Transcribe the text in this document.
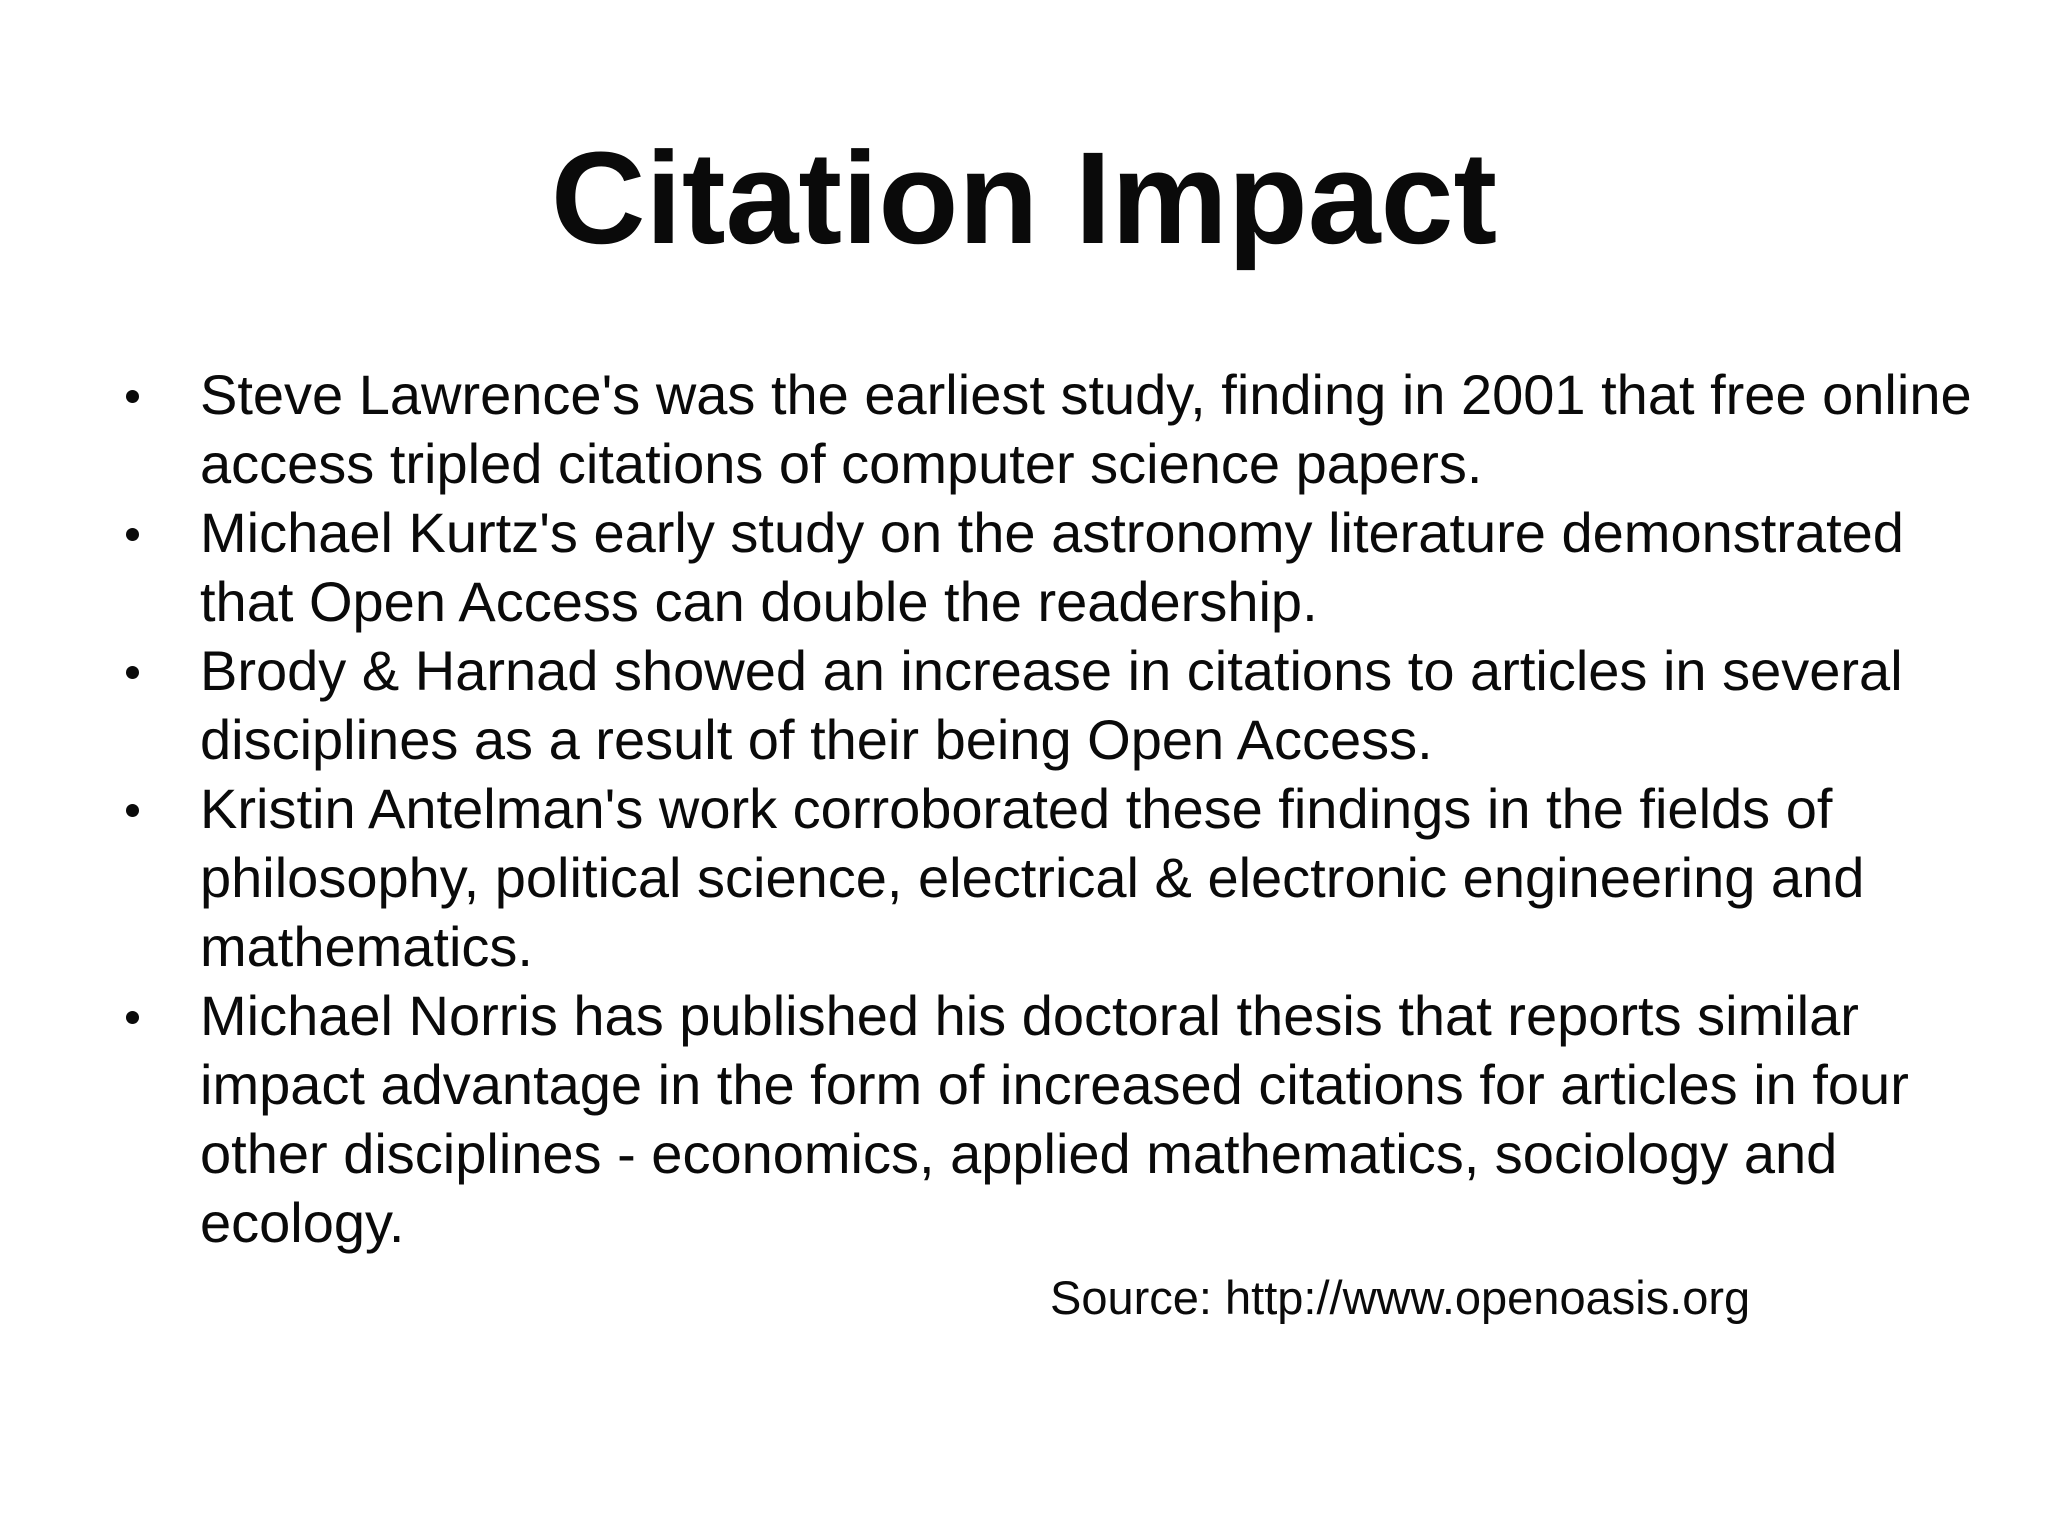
Citation Impact
Steve Lawrence's was the earliest study, finding in 2001 that free online access tripled citations of computer science papers.
Michael Kurtz's early study on the astronomy literature demonstrated that Open Access can double the readership.
Brody & Harnad showed an increase in citations to articles in several disciplines as a result of their being Open Access.
Kristin Antelman's work corroborated these findings in the fields of philosophy, political science, electrical & electronic engineering and mathematics.
Michael Norris has published his doctoral thesis that reports similar impact advantage in the form of increased citations for articles in four other disciplines - economics, applied mathematics, sociology and ecology.

Source: http://www.openoasis.org
